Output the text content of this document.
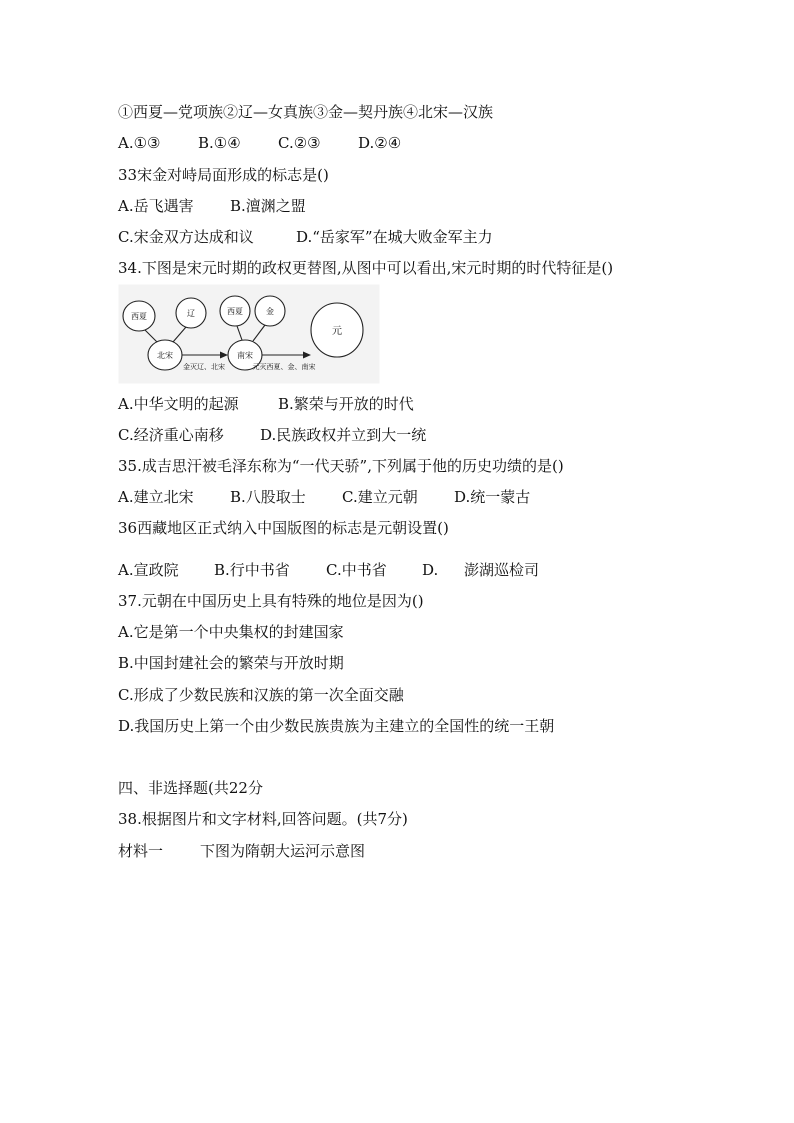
①西夏—党项族②辽—女真族③金—契丹族④北宋—汉族
A.①③	B.①④ C.②③ D.②④
33宋金对峙局面形成的标志是()
A.岳飞遇害 B.澶渊之盟
C.宋金双方达成和议	D.“岳家军”在城大败金军主力
34.下图是宋元时期的政权更替图,从图中可以看出,宋元时期的时代特征是()
西夏	辽
北宋
西夏	金
南宋
元
金灭辽、北宋	元灭西夏、金、南宋
A.中华文明的起源	B.繁荣与开放的时代
C.经济重心南移 D.民族政权并立到大一统
35.成吉思汗被毛泽东称为“一代天骄”,下列属于他的历史功绩的是()
A.建立北宋 B.八股取士 C.建立元朝 D.统一蒙古
36西藏地区正式纳入中国版图的标志是元朝设置()
A.宣政院 B.行中书省 C.中书省 D. 澎湖巡检司
37.元朝在中国历史上具有特殊的地位是因为()
A.它是第一个中央集权的封建国家
B.中国封建社会的繁荣与开放时期
C.形成了少数民族和汉族的第一次全面交融
D.我国历史上第一个由少数民族贵族为主建立的全国性的统一王朝
四、非选择题(共22分
38.根据图片和文字材料,回答问题。(共7分)
材料一 下图为隋朝大运河示意图
